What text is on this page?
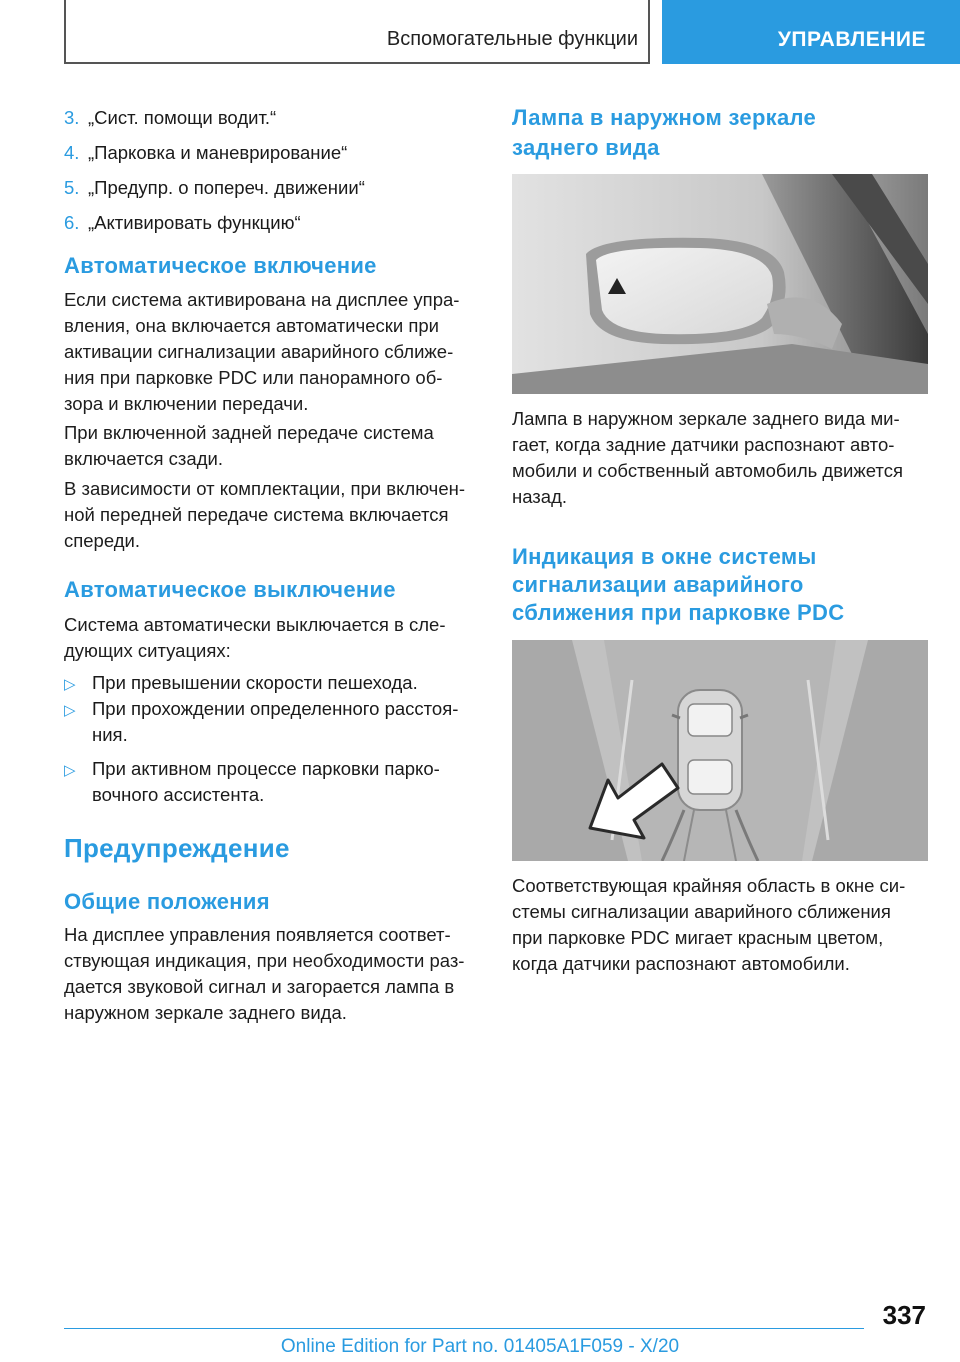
Вспомогательные функции	УПРАВЛЕНИЕ
3. „Сист. помощи водит.“
4. „Парковка и маневрирование“
5. „Предупр. о попереч. движении“
6. „Активировать функцию“
Автоматическое включение
Если система активирована на дисплее упра-
вления, она включается автоматически при
активации сигнализации аварийного сближе-
ния при парковке PDC или панорамного об-
зора и включении передачи.
При включенной задней передаче система
включается сзади.
В зависимости от комплектации, при включен-
ной передней передаче система включается
спереди.
Автоматическое выключение
Система автоматически выключается в сле-
дующих ситуациях:
▷ При превышении скорости пешехода.
▷ При прохождении определенного расстоя-
ния.
▷ При активном процессе парковки парко-
вочного ассистента.
Предупреждение
Общие положения
На дисплее управления появляется соответ-
ствующая индикация, при необходимости раз-
дается звуковой сигнал и загорается лампа в
наружном зеркале заднего вида.
Лампа в наружном зеркале
заднего вида
Лампа в наружном зеркале заднего вида ми-
гает, когда задние датчики распознают авто-
мобили и собственный автомобиль движется
назад.
Индикация в окне системы
сигнализации аварийного
сближения при парковке PDC
Соответствующая крайняя область в окне си-
стемы сигнализации аварийного сближения
при парковке PDC мигает красным цветом,
когда датчики распознают автомобили.
337
Online Edition for Part no. 01405A1F059 - X/20
